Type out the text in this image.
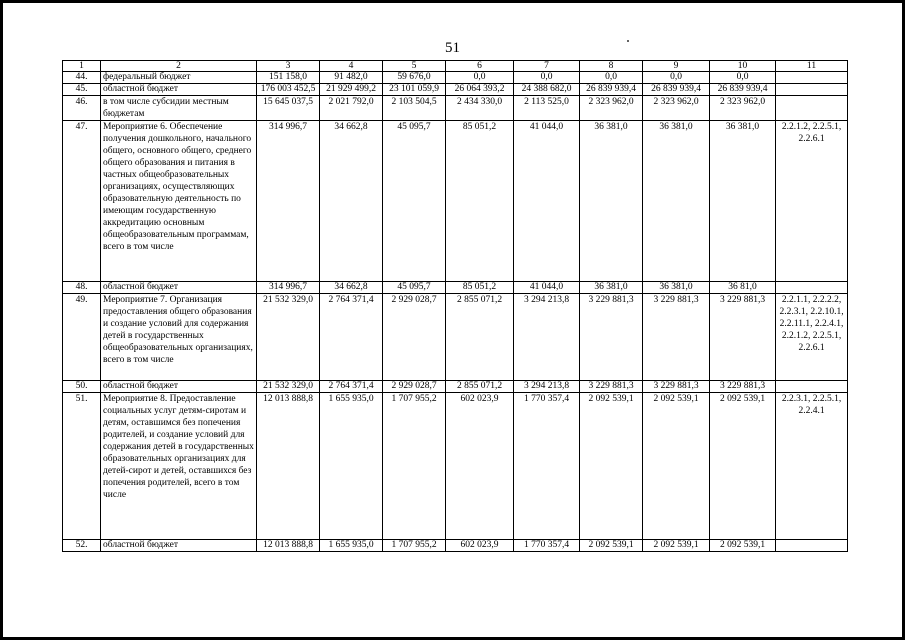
51
1	2	3	4	5	6	7	8	9	10	11
44.	федеральный бюджет	151 158,0	91 482,0	59 676,0	0,0	0,0	0,0	0,0	0,0	
45.	областной бюджет	176 003 452,5	21 929 499,2	23 101 059,9	26 064 393,2	24 388 682,0	26 839 939,4	26 839 939,4	26 839 939,4	
46.	в том числе субсидии местным бюджетам	15 645 037,5	2 021 792,0	2 103 504,5	2 434 330,0	2 113 525,0	2 323 962,0	2 323 962,0	2 323 962,0	
47.	Мероприятие 6. Обеспечение получения дошкольного, начального общего, основного общего, среднего общего образования и питания в частных общеобразовательных организациях, осуществляющих образовательную деятельность по имеющим государственную аккредитацию основным общеобразовательным программам, всего в том числе	314 996,7	34 662,8	45 095,7	85 051,2	41 044,0	36 381,0	36 381,0	36 381,0	2.2.1.2, 2.2.5.1, 2.2.6.1
48.	областной бюджет	314 996,7	34 662,8	45 095,7	85 051,2	41 044,0	36 381,0	36 381,0	36 81,0	
49.	Мероприятие 7. Организация предоставления общего образования и создание условий для содержания детей в государственных общеобразовательных организациях, всего в том числе	21 532 329,0	2 764 371,4	2 929 028,7	2 855 071,2	3 294 213,8	3 229 881,3	3 229 881,3	3 229 881,3	2.2.1.1, 2.2.2.2, 2.2.3.1, 2.2.10.1, 2.2.11.1, 2.2.4.1, 2.2.1.2, 2.2.5.1, 2.2.6.1
50.	областной бюджет	21 532 329,0	2 764 371,4	2 929 028,7	2 855 071,2	3 294 213,8	3 229 881,3	3 229 881,3	3 229 881,3	
51.	Мероприятие 8. Предоставление социальных услуг детям-сиротам и детям, оставшимся без попечения родителей, и создание условий для содержания детей в государственных образовательных организациях для детей-сирот и детей, оставшихся без попечения родителей, всего в том числе	12 013 888,8	1 655 935,0	1 707 955,2	602 023,9	1 770 357,4	2 092 539,1	2 092 539,1	2 092 539,1	2.2.3.1, 2.2.5.1, 2.2.4.1
52.	областной бюджет	12 013 888,8	1 655 935,0	1 707 955,2	602 023,9	1 770 357,4	2 092 539,1	2 092 539,1	2 092 539,1	
